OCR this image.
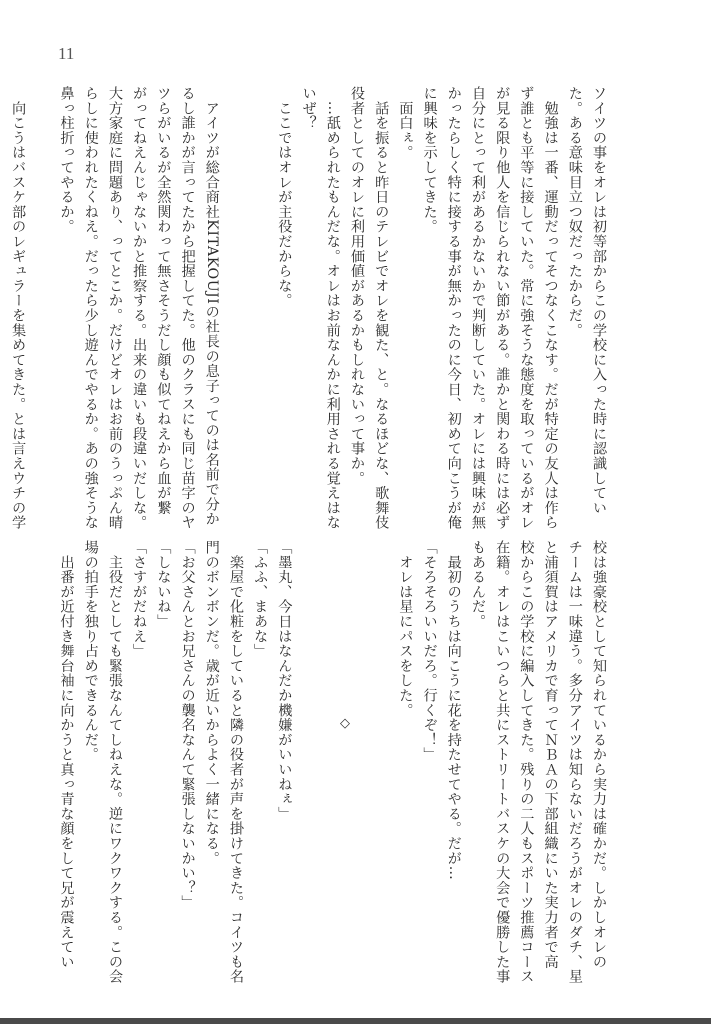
11
ソイツの事をオレは初等部からこの学校に入った時に認識してい
た。ある意味目立つ奴だったからだ。
　勉強は一番、運動だってそつなくこなす。だが特定の友人は作ら
ず誰とも平等に接していた。常に強そうな態度を取っているがオレ
が見る限り他人を信じられない節がある。誰かと関わる時には必ず
自分にとって利があるかないかで判断していた。オレには興味が無
かったらしく特に接する事が無かったのに今日、初めて向こうが俺
に興味を示してきた。
　面白ぇ。
　話を振ると昨日のテレビでオレを観た、と。なるほどな、歌舞伎
役者としてのオレに利用価値があるかもしれないって事か。
　…舐められたもんだな。オレはお前なんかに利用される覚えはな
いぜ？
　ここではオレが主役だからな。

　アイツが総合商社KITAKOUJIの社長の息子ってのは名前で分か
るし誰かが言ってたから把握してた。他のクラスにも同じ苗字のヤ
ツらがいるが全然関わって無さそうだし顔も似てねえから血が繋
がってねえんじゃないかと推察する。出来の違いも段違いだしな。
大方家庭に問題あり、ってとこか。だけどオレはお前のうっぷん晴
らしに使われたくねえ。だったら少し遊んでやるか。あの強そうな
鼻っ柱折ってやるか。

　向こうはバスケ部のレギュラーを集めてきた。とは言えウチの学
校は強豪校として知られているから実力は確かだ。しかしオレの
チームは一味違う。多分アイツは知らないだろうがオレのダチ、星
と浦須賀はアメリカで育ってＮＢＡの下部組織にいた実力者で高
校からこの学校に編入してきた。残りの二人もスポーツ推薦コース
在籍。オレはこいつらと共にストリートバスケの大会で優勝した事
もあるんだ。
　最初のうちは向こうに花を持たせてやる。だが…
「そろそろいいだろ。行くぞ！」
　オレは星にパスをした。

「墨丸、今日はなんだか機嫌がいいねぇ」
「ふふ、まあな」
　楽屋で化粧をしていると隣の役者が声を掛けてきた。コイツも名
門のボンボンだ。歳が近いからよく一緒になる。
「お父さんとお兄さんの襲名なんて緊張しないかい？」
「しないね」
「さすがだねえ」
　主役だとしても緊張なんてしねえな。逆にワクワクする。この会
場の拍手を独り占めできるんだ。
　出番が近付き舞台袖に向かうと真っ青な顔をして兄が震えてい	◇
